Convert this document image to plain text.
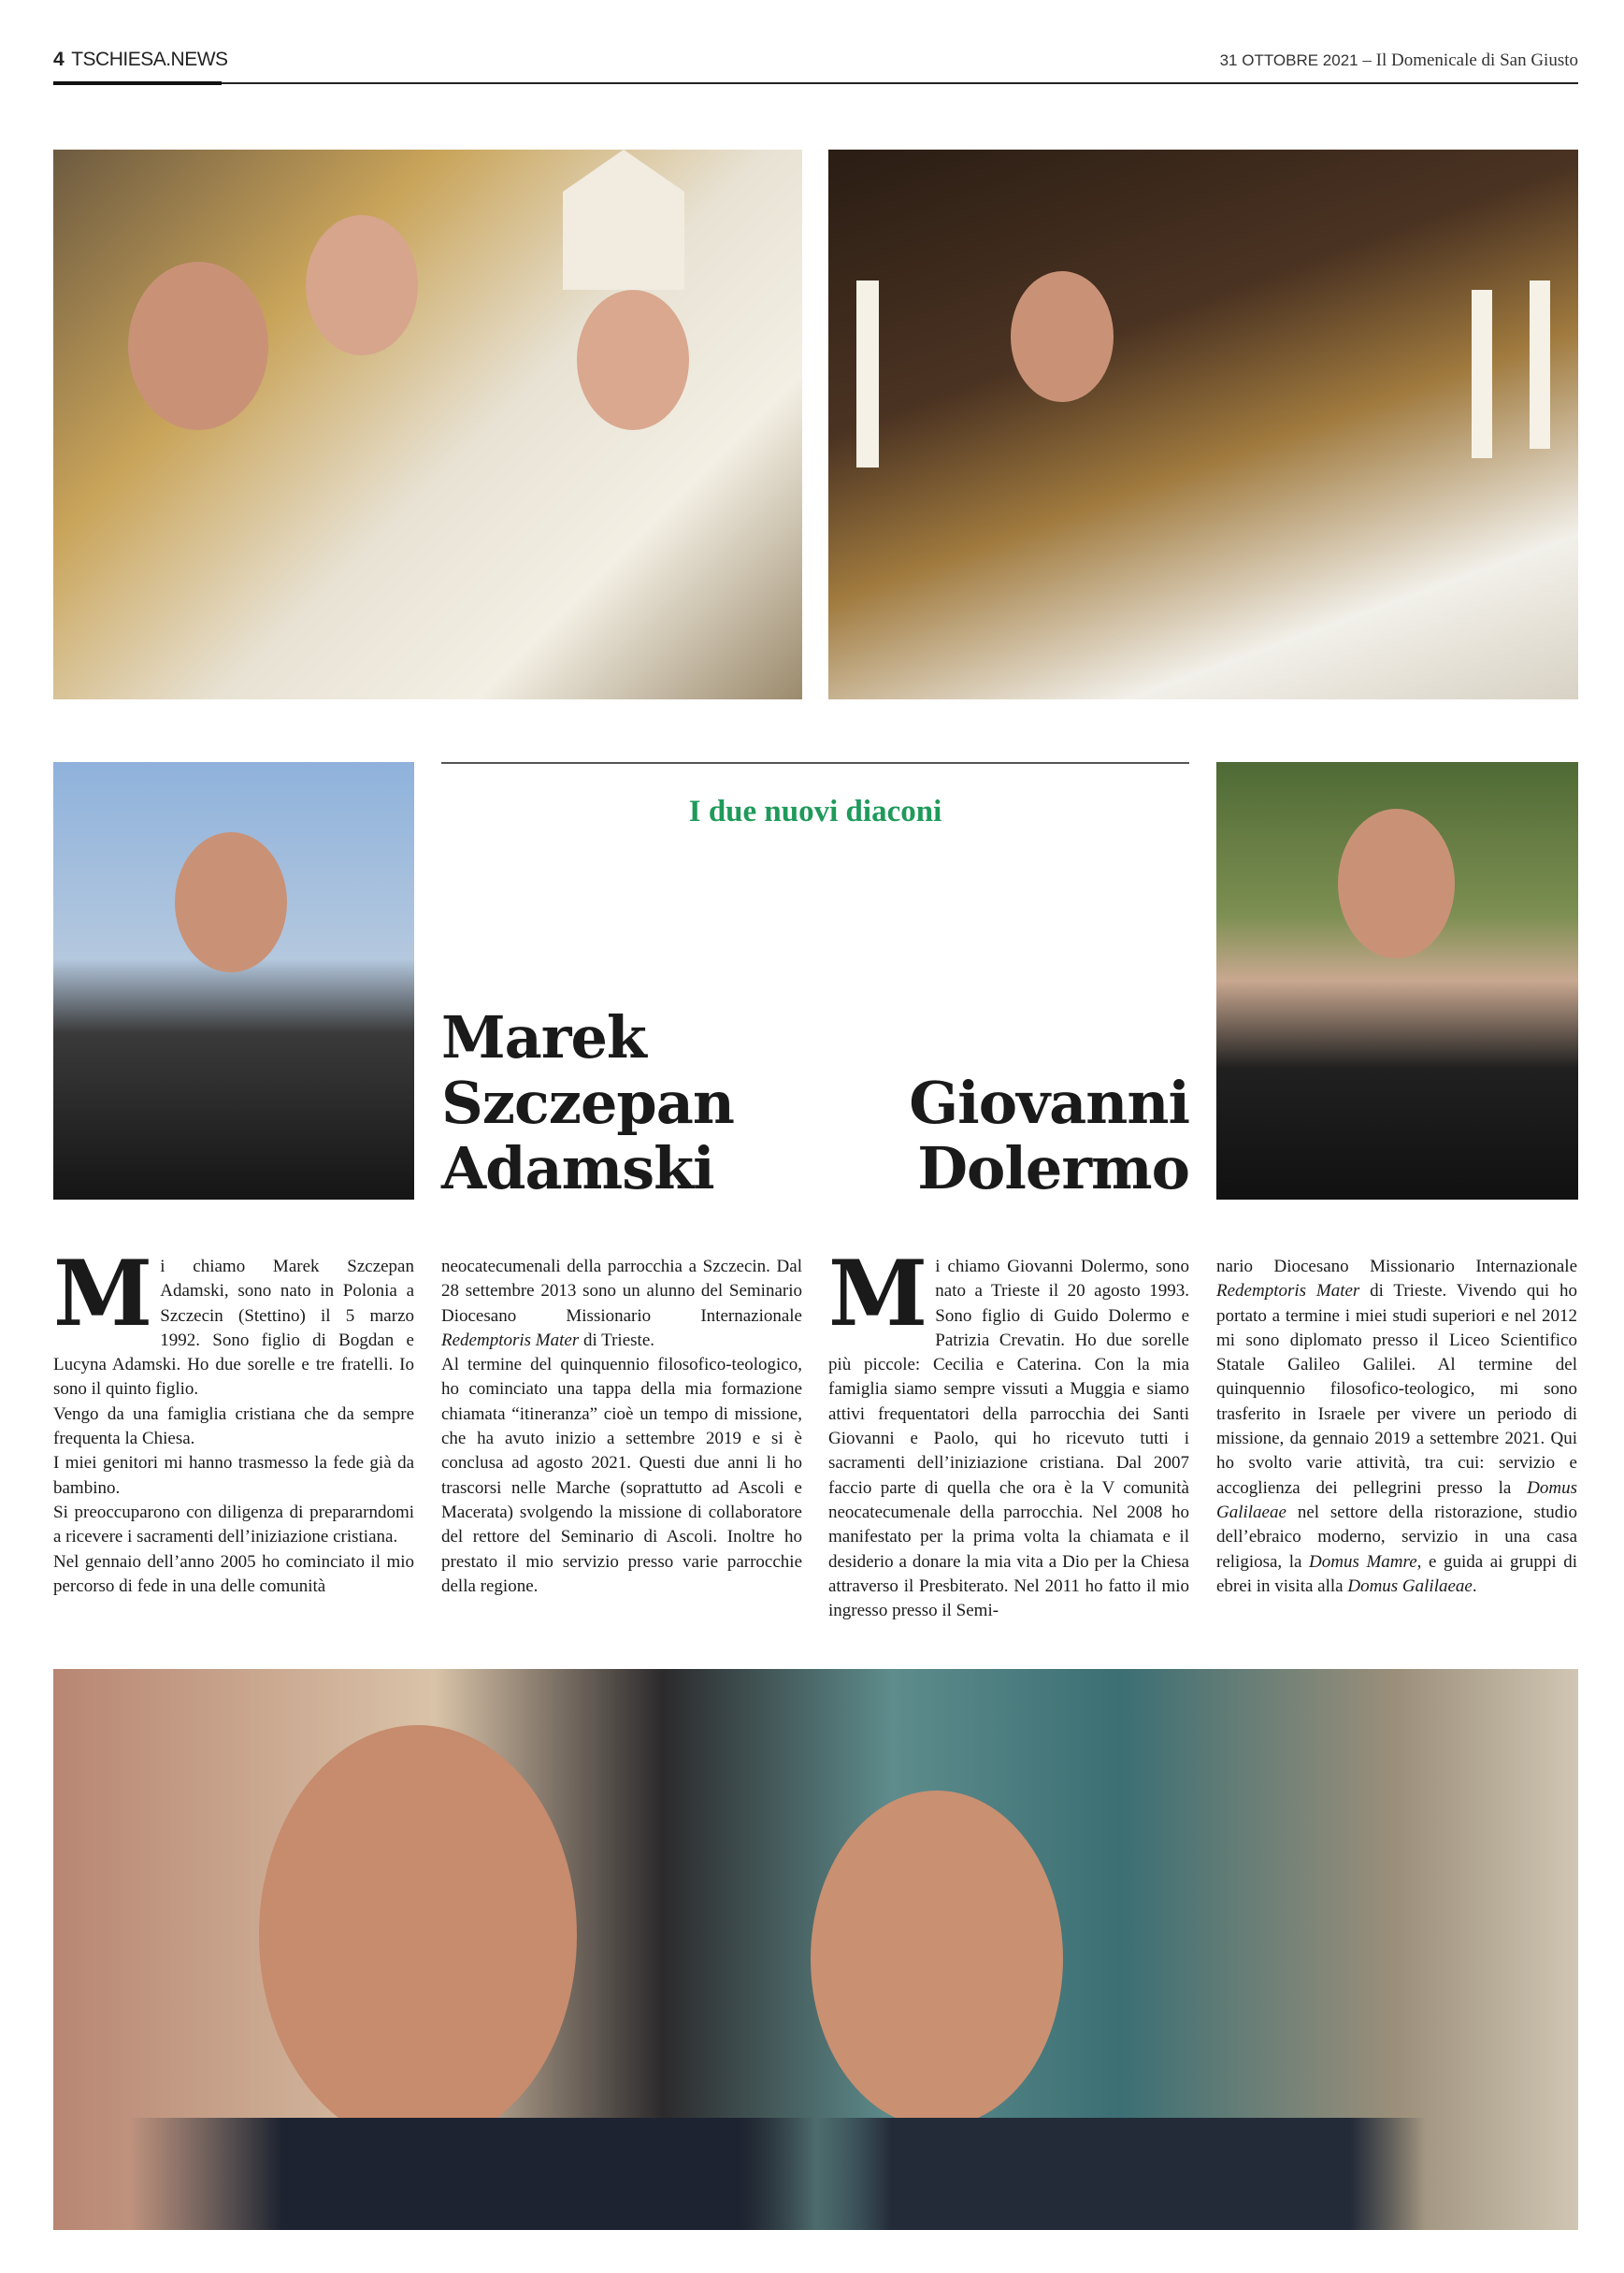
4 TSCHIESA.NEWS	31 OTTOBRE 2021 – Il Domenicale di San Giusto
I due nuovi diaconi
Marek
Szczepan
Adamski
Giovanni
Dolermo

Mi chiamo Marek Szczepan Adamski, sono nato in Polonia a Szczecin (Stettino) il 5 marzo 1992. Sono figlio di Bogdan e Lucyna Adamski. Ho due sorelle e tre fratelli. Io sono il quinto figlio.

Vengo da una famiglia cristiana che da sempre frequenta la Chiesa.

I miei genitori mi hanno trasmesso la fede già da bambino.

Si preoccuparono con diligenza di prepararndomi a ricevere i sacramenti dell’iniziazione cristiana.

Nel gennaio dell’anno 2005 ho cominciato il mio percorso di fede in una delle comunità

neocatecumenali della parrocchia a Szczecin. Dal 28 settembre 2013 sono un alunno del Seminario Diocesano Missionario Internazionale Redemptoris Mater di Trieste.

Al termine del quinquennio filosofico-teologico, ho cominciato una tappa della mia formazione chiamata “itineranza” cioè un tempo di missione, che ha avuto inizio a settembre 2019 e si è conclusa ad agosto 2021. Questi due anni li ho trascorsi nelle Marche (soprattutto ad Ascoli e Macerata) svolgendo la missione di collaboratore del rettore del Seminario di Ascoli. Inoltre ho prestato il mio servizio presso varie parrocchie della regione.

Mi chiamo Giovanni Dolermo, sono nato a Trieste il 20 agosto 1993. Sono figlio di Guido Dolermo e Patrizia Crevatin. Ho due sorelle più piccole: Cecilia e Caterina. Con la mia famiglia siamo sempre vissuti a Muggia e siamo attivi frequentatori della parrocchia dei Santi Giovanni e Paolo, qui ho ricevuto tutti i sacramenti dell’iniziazione cristiana. Dal 2007 faccio parte di quella che ora è la V comunità neocatecumenale della parrocchia. Nel 2008 ho manifestato per la prima volta la chiamata e il desiderio a donare la mia vita a Dio per la Chiesa attraverso il Presbiterato. Nel 2011 ho fatto il mio ingresso presso il Semi-

nario Diocesano Missionario Internazionale Redemptoris Mater di Trieste. Vivendo qui ho portato a termine i miei studi superiori e nel 2012 mi sono diplomato presso il Liceo Scientifico Statale Galileo Galilei. Al termine del quinquennio filosofico-teologico, mi sono trasferito in Israele per vivere un periodo di missione, da gennaio 2019 a settembre 2021. Qui ho svolto varie attività, tra cui: servizio e accoglienza dei pellegrini presso la Domus Galilaeae nel settore della ristorazione, studio dell’ebraico moderno, servizio in una casa religiosa, la Domus Mamre, e guida ai gruppi di ebrei in visita alla Domus Galilaeae.
